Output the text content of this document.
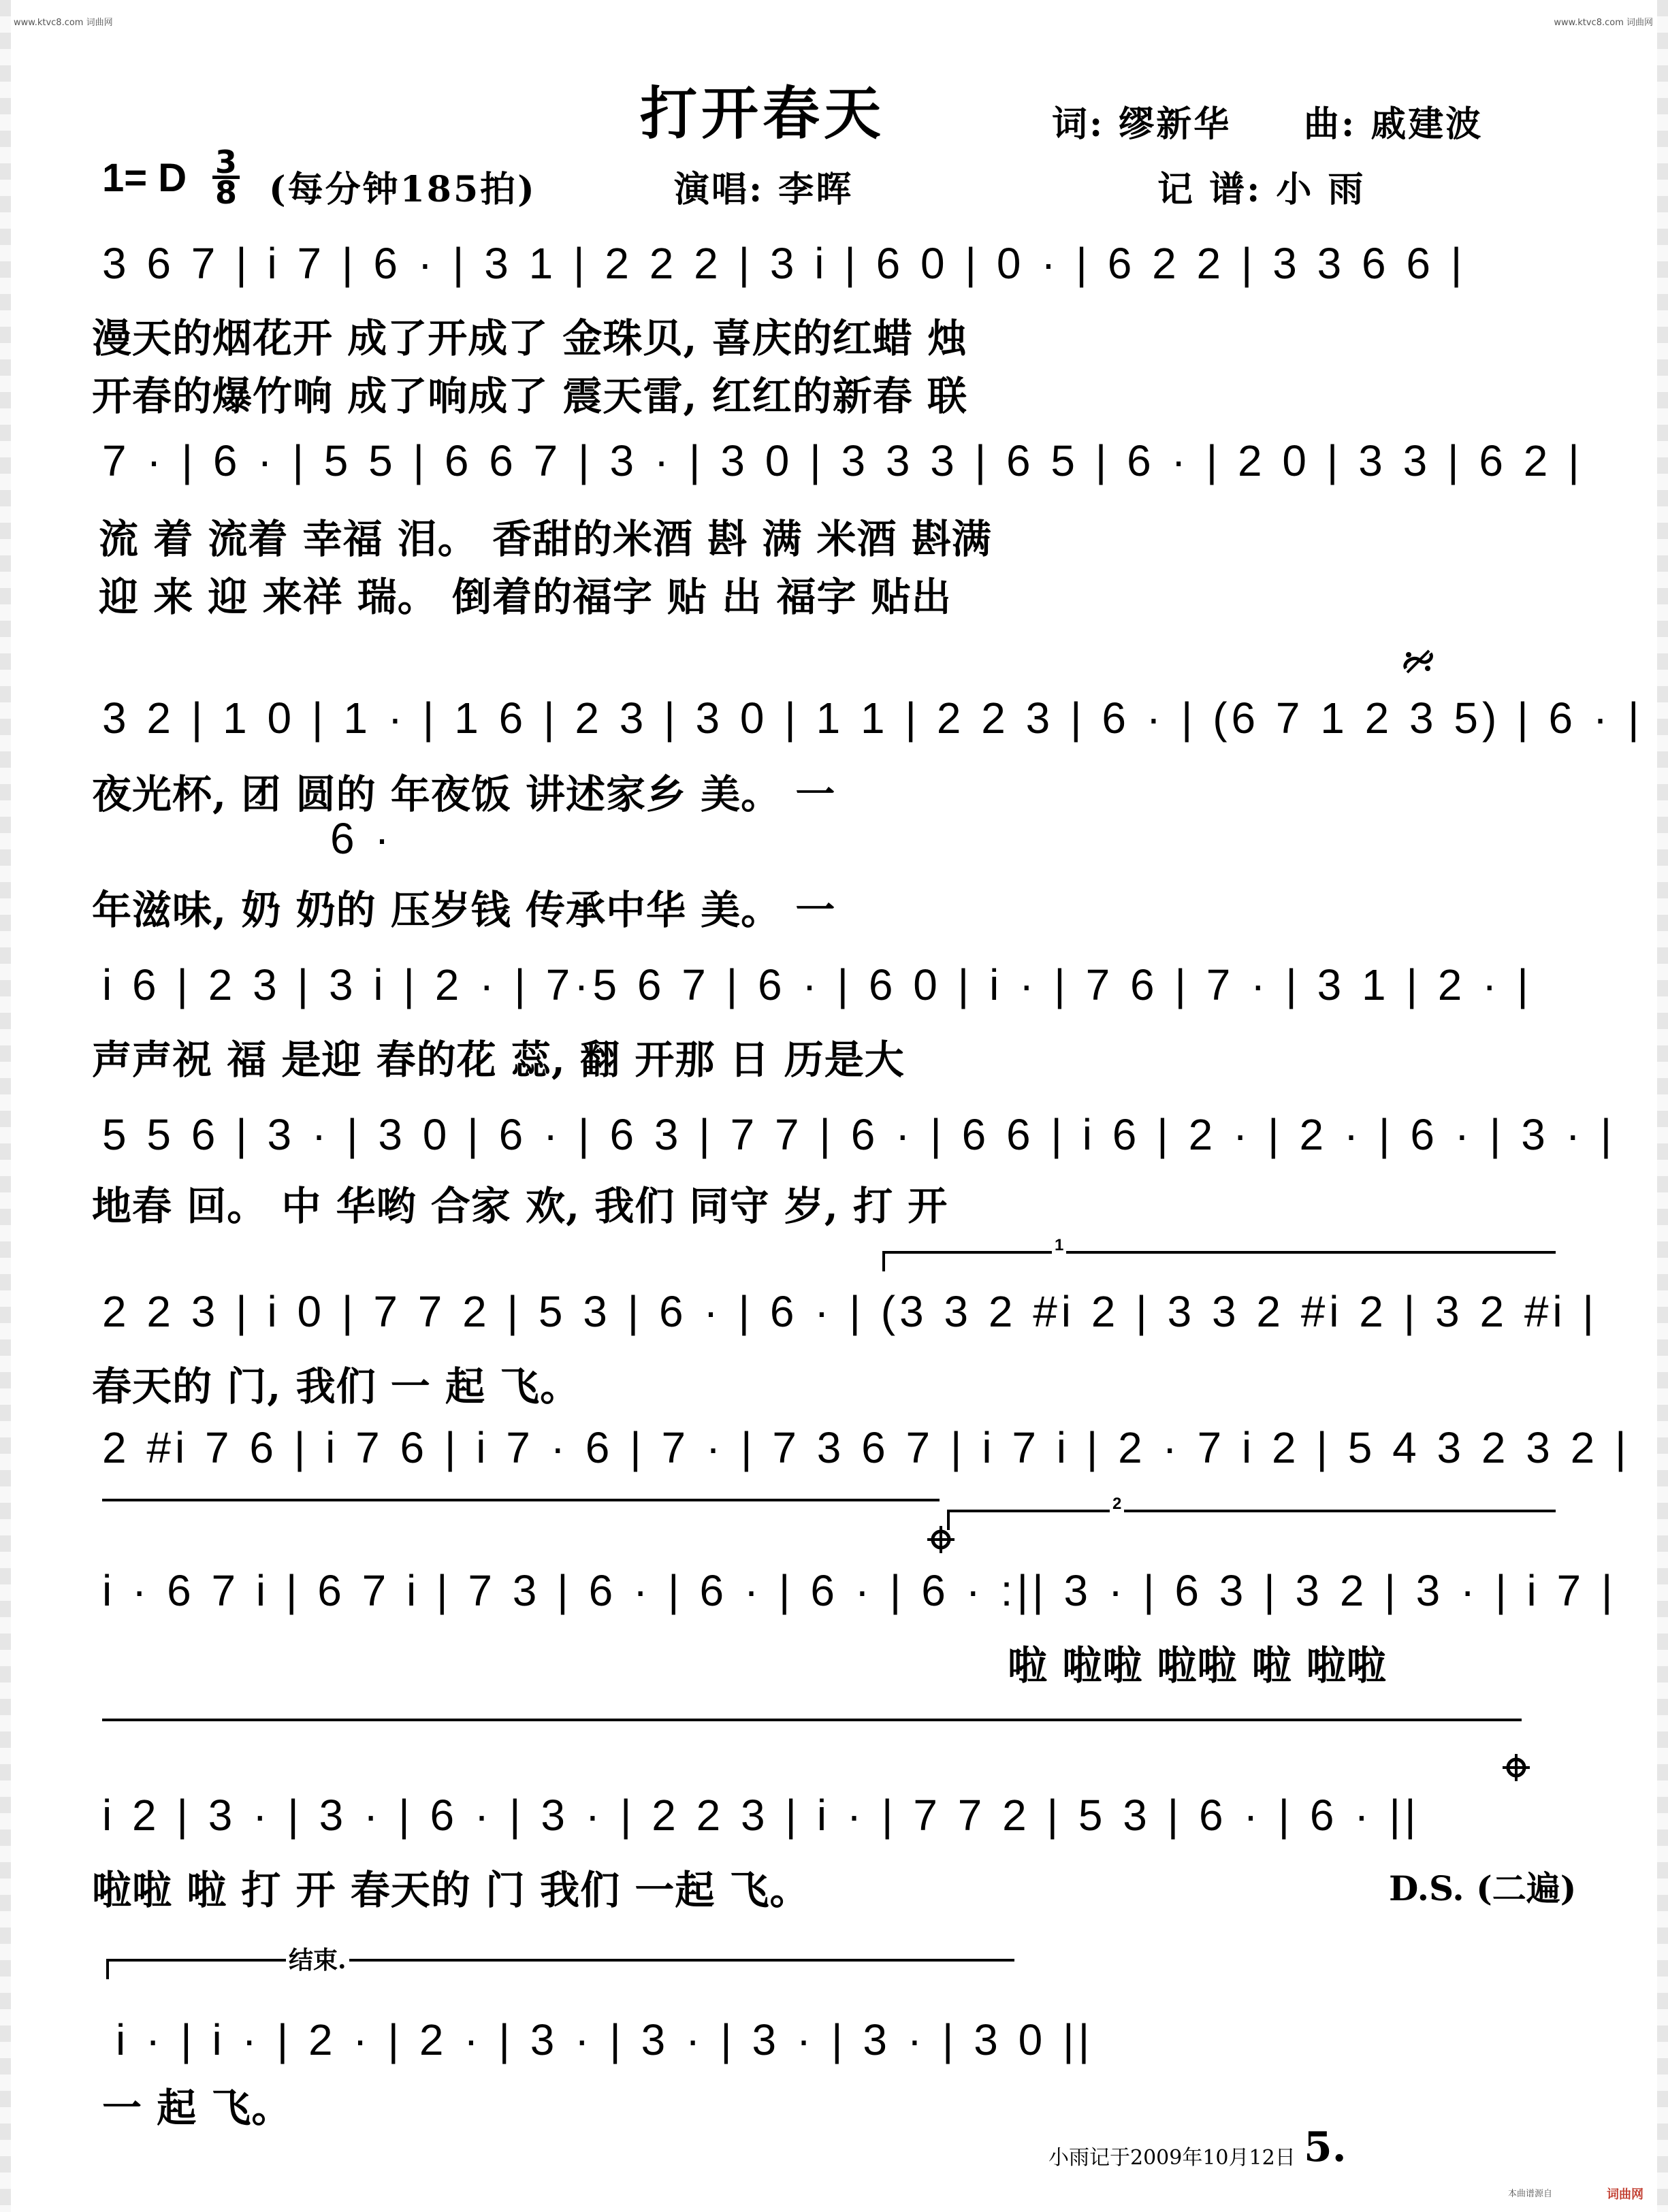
www.ktvc8.com 词曲网	www.ktvc8.com 词曲网
打开春天	词: 缪新华 曲: 戚建波
1= D 3
8 (每分钟185拍)	演唱: 李晖	记 谱: 小 雨
3 6 7 | i 7 | 6 · | 3 1 | 2 2 2 | 3 i | 6 0 | 0 · | 6 2 2 | 3 3 6 6 |
漫天的烟花开 成了开成了 金珠贝, 喜庆的红蜡 烛
开春的爆竹响 成了响成了 震天雷, 红红的新春 联
7 · | 6 · | 5 5 | 6 6 7 | 3 · | 3 0 | 3 3 3 | 6 5 | 6 · | 2 0 | 3 3 | 6 2 |
流 着 流着 幸福 泪。 香甜的米酒 斟 满 米酒 斟满
迎 来 迎 来祥 瑞。 倒着的福字 贴 出 福字 贴出
3 2 | 1 0 | 1 · | 1 6 | 2 3 | 3 0 | 1 1 | 2 2 3 | 6 · | (6 7 1 2 3 5) | 6 · |
夜光杯, 团 圆的 年夜饭 讲述家乡 美。 一
6 ·
年滋味, 奶 奶的 压岁钱 传承中华 美。 一
i 6 | 2 3 | 3 i | 2 · | 7·5 6 7 | 6 · | 6 0 | i · | 7 6 | 7 · | 3 1 | 2 · |
声声祝 福 是迎 春的花 蕊, 翻 开那 日 历是大
5 5 6 | 3 · | 3 0 | 6 · | 6 3 | 7 7 | 6 · | 6 6 | i 6 | 2 · | 2 · | 6 · | 3 · |
地春 回。 中 华哟 合家 欢, 我们 同守 岁, 打 开
1
2 2 3 | i 0 | 7 7 2 | 5 3 | 6 · | 6 · | (3 3 2 #i 2 | 3 3 2 #i 2 | 3 2 #i |
春天的 门, 我们 一 起 飞。
2 #i 7 6 | i 7 6 | i 7 · 6 | 7 · | 7 3 6 7 | i 7 i | 2 · 7 i 2 | 5 4 3 2 3 2 |
2
i · 6 7 i | 6 7 i | 7 3 | 6 · | 6 · | 6 · | 6 · :|| 3 · | 6 3 | 3 2 | 3 · | i 7 |
啦 啦啦 啦啦 啦 啦啦
i 2 | 3 · | 3 · | 6 · | 3 · | 2 2 3 | i · | 7 7 2 | 5 3 | 6 · | 6 · ||
啦啦 啦 打 开 春天的 门 我们 一起 飞。	D.S. (二遍)
结束.
i · | i · | 2 · | 2 · | 3 · | 3 · | 3 · | 3 · | 3 0 ||
一 起 飞。
小雨记于2009年10月12日 5.
本曲谱源自	词曲网
